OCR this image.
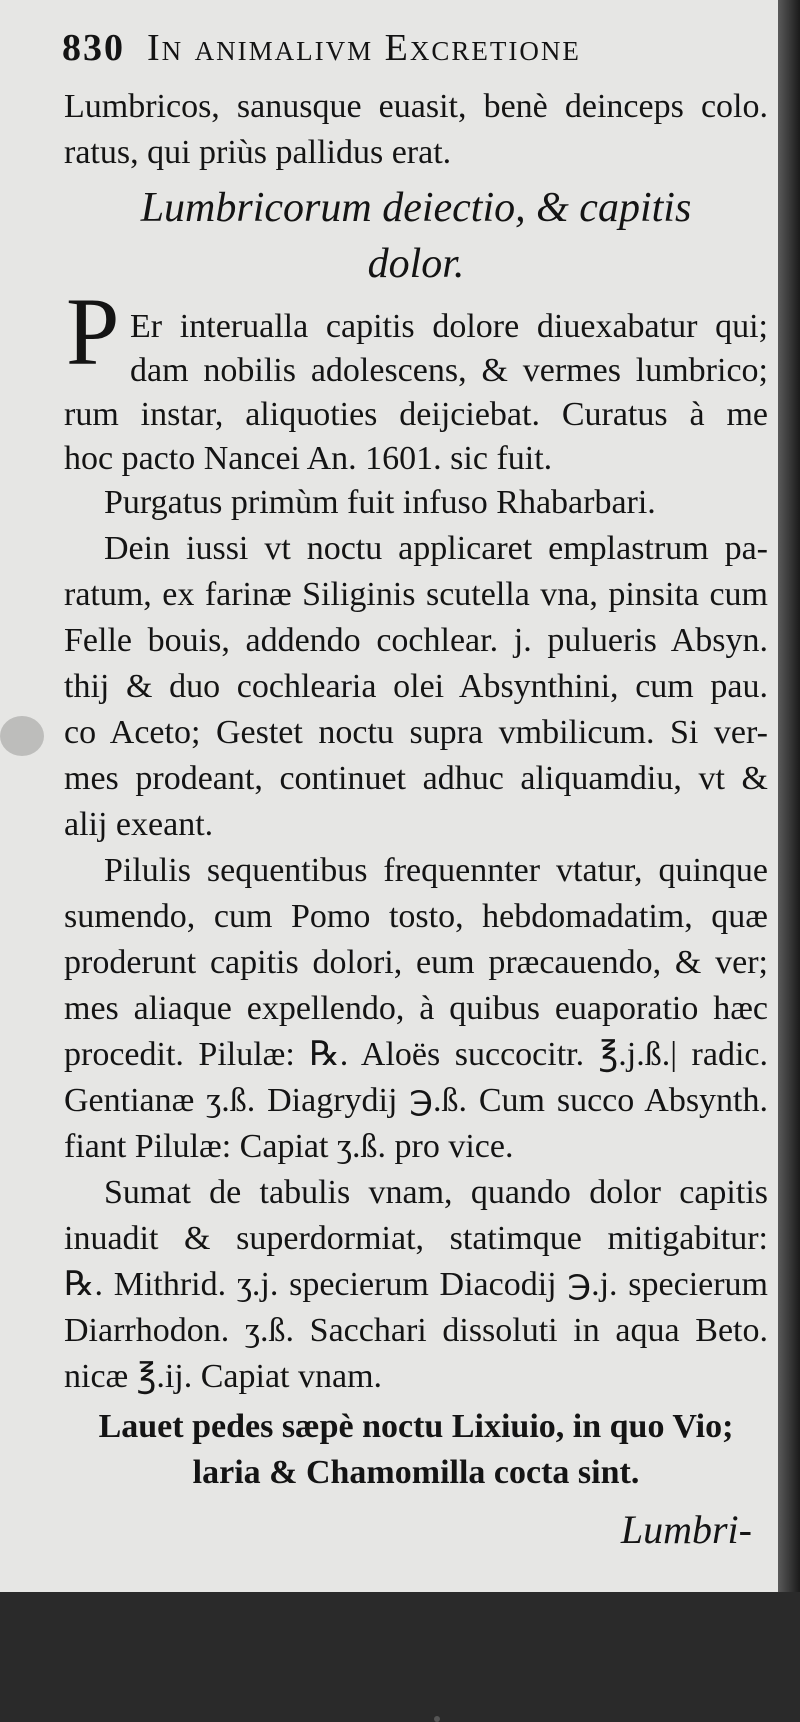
830 In animalivm Excretione
Lumbricos, sanusque euasit, benè deinceps colo.
ratus, qui priùs pallidus erat.
Lumbricorum deiectio, & capitis
dolor.
P Er interualla capitis dolore diuexabatur qui;
dam nobilis adolescens, & vermes lumbrico;
rum instar, aliquoties deijciebat. Curatus à me
hoc pacto Nancei An. 1601. sic fuit.
Purgatus primùm fuit infuso Rhabarbari.
Dein iussi vt noctu applicaret emplastrum pa-
ratum, ex farinæ Siliginis scutella vna, pinsita cum
Felle bouis, addendo cochlear. j. pulueris Absyn.
thij & duo cochlearia olei Absynthini, cum pau.
co Aceto; Gestet noctu supra vmbilicum. Si ver-
mes prodeant, continuet adhuc aliquamdiu, vt &
alij exeant.
Pilulis sequentibus frequennter vtatur, quinque
sumendo, cum Pomo tosto, hebdomadatim, quæ
proderunt capitis dolori, eum præcauendo, & ver;
mes aliaque expellendo, à quibus euaporatio hæc
procedit. Pilulæ: ℞. Aloës succocitr. ℥.j.ß.| radic.
Gentianæ ʒ.ß. Diagrydij ℈.ß. Cum succo Absynth.
fiant Pilulæ: Capiat ʒ.ß. pro vice.
Sumat de tabulis vnam, quando dolor capitis
inuadit & superdormiat, statimque mitigabitur:
℞. Mithrid. ʒ.j. specierum Diacodij ℈.j. specierum
Diarrhodon. ʒ.ß. Sacchari dissoluti in aqua Beto.
nicæ ℥.ij. Capiat vnam.
Lauet pedes sæpè noctu Lixiuio, in quo Vio;
laria & Chamomilla cocta sint.
Lumbri-
